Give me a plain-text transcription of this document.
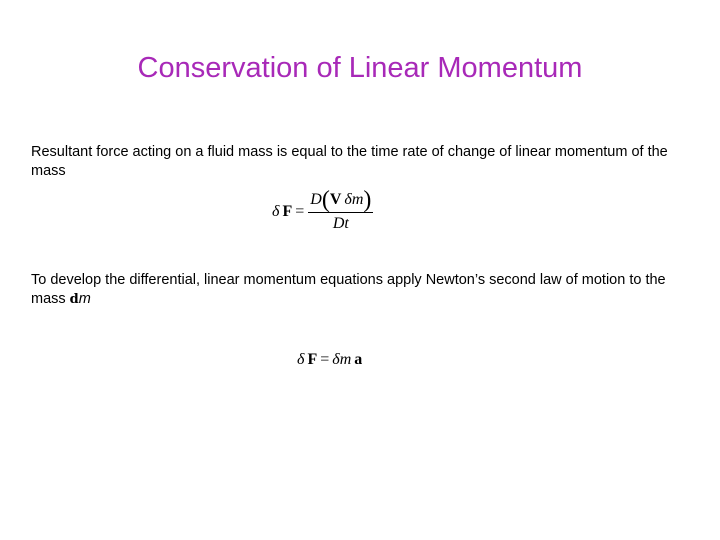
Conservation of Linear Momentum
Resultant force acting on a fluid mass is equal to the time rate of change of linear momentum of the mass
δ $F = \frac{\text{D ( V δ m )}}{Dt}$
To develop the differential, linear momentum equations apply Newton’s second law of motion to the mass dm
δ F = δ m a
